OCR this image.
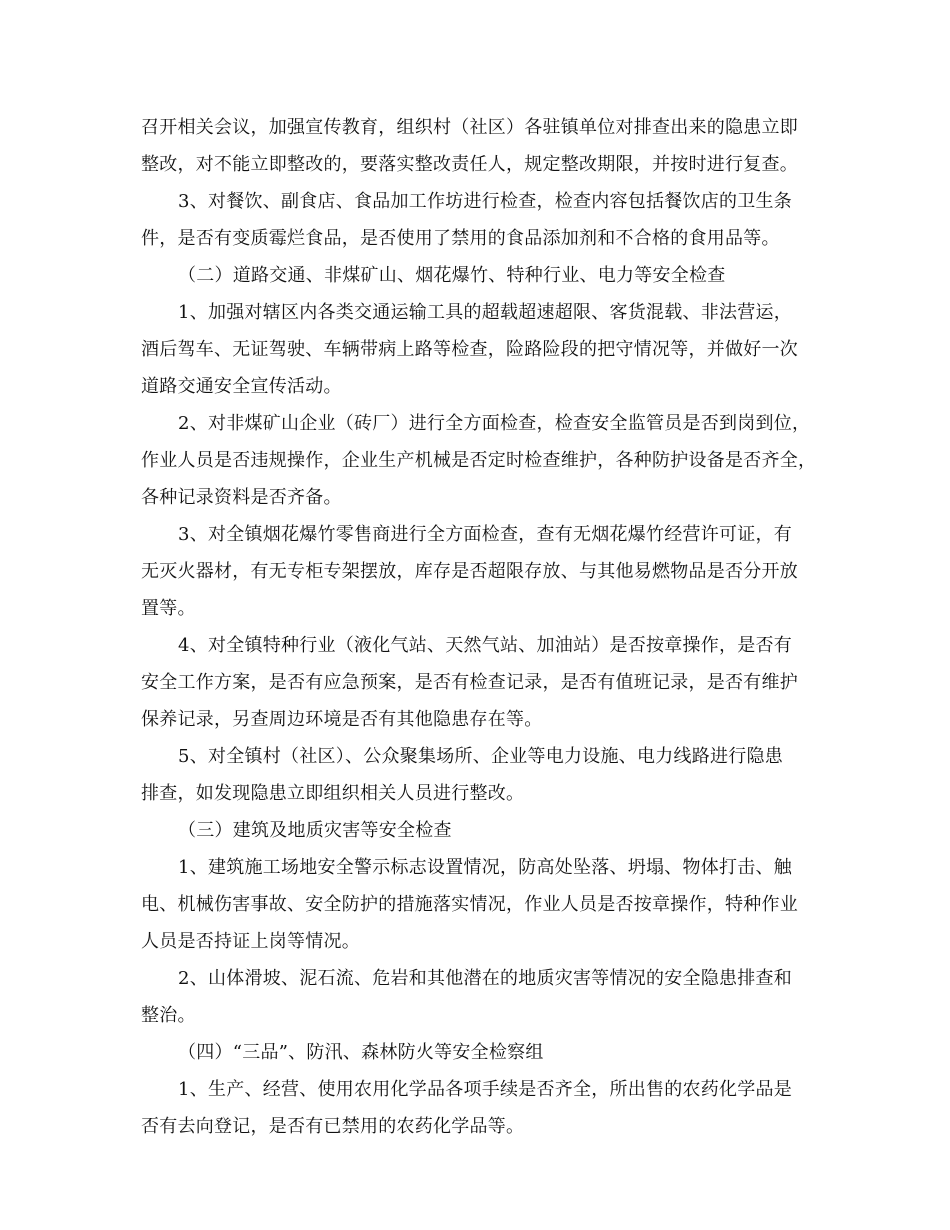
召开相关会议，加强宣传教育，组织村（社区）各驻镇单位对排查出来的隐患立即
整改，对不能立即整改的，要落实整改责任人，规定整改期限，并按时进行复查。
3、对餐饮、副食店、食品加工作坊进行检查，检查内容包括餐饮店的卫生条
件，是否有变质霉烂食品，是否使用了禁用的食品添加剂和不合格的食用品等。
（二）道路交通、非煤矿山、烟花爆竹、特种行业、电力等安全检查
1、加强对辖区内各类交通运输工具的超载超速超限、客货混载、非法营运，
酒后驾车、无证驾驶、车辆带病上路等检查，险路险段的把守情况等，并做好一次
道路交通安全宣传活动。
2、对非煤矿山企业（砖厂）进行全方面检查，检查安全监管员是否到岗到位，
作业人员是否违规操作，企业生产机械是否定时检查维护，各种防护设备是否齐全，
各种记录资料是否齐备。
3、对全镇烟花爆竹零售商进行全方面检查，查有无烟花爆竹经营许可证，有
无灭火器材，有无专柜专架摆放，库存是否超限存放、与其他易燃物品是否分开放
置等。
4、对全镇特种行业（液化气站、天然气站、加油站）是否按章操作，是否有
安全工作方案，是否有应急预案，是否有检查记录，是否有值班记录，是否有维护
保养记录，另查周边环境是否有其他隐患存在等。
5、对全镇村（社区）、公众聚集场所、企业等电力设施、电力线路进行隐患
排查，如发现隐患立即组织相关人员进行整改。
（三）建筑及地质灾害等安全检查
1、建筑施工场地安全警示标志设置情况，防高处坠落、坍塌、物体打击、触
电、机械伤害事故、安全防护的措施落实情况，作业人员是否按章操作，特种作业
人员是否持证上岗等情况。
2、山体滑坡、泥石流、危岩和其他潜在的地质灾害等情况的安全隐患排查和
整治。
（四）“三品”、防汛、森林防火等安全检察组
1、生产、经营、使用农用化学品各项手续是否齐全，所出售的农药化学品是
否有去向登记，是否有已禁用的农药化学品等。
